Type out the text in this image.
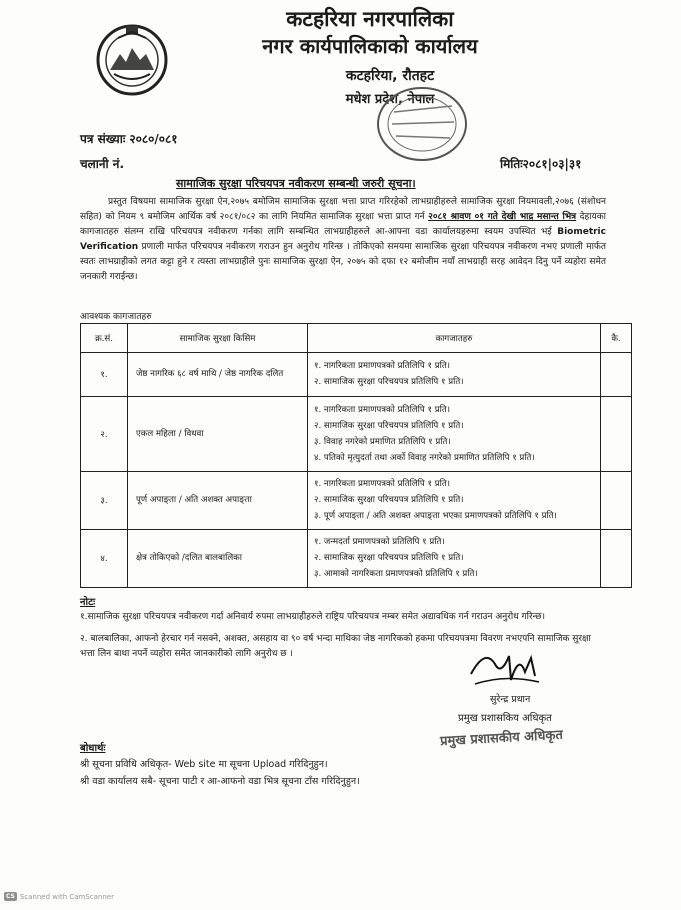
कटहरिया नगरपालिका
नगर कार्यपालिकाको कार्यालय
कटहरिया, रौतहट
मधेश प्रदेश, नेपाल
पत्र संख्याः २०८०/०८१
चलानी नं.	मितिः२०८१|०३|३१
सामाजिक सुरक्षा परिचयपत्र नवीकरण सम्बन्धी जरुरी सूचना।
प्रस्तुत विषयमा सामाजिक सुरक्षा ऐन,२०७५ बमोजिम सामाजिक सुरक्षा भत्ता प्राप्त गरिरहेको लाभग्राहीहरुले सामाजिक सुरक्षा नियमावली,२०७६ (संशोधन सहित) को नियम ९ बमोजिम आर्थिक वर्ष २०८१/०८२ का लागि नियमित सामाजिक सुरक्षा भत्ता प्राप्त गर्न २०८१ श्रावण ०१ गते देखी भाद्र मसान्त भित्र देहायका कागजातहरु संलग्न राखि परिचयपत्र नवीकरण गर्नका लागि सम्बन्धित लाभग्राहीहरुले आ-आफ्ना वडा कार्यालयहरुमा स्वयम उपस्थित भई Biometric Verification प्रणाली मार्फत परिचयपत्र नवीकरण गराउन हुन अनुरोध गरिन्छ । तोकिएको समयमा सामाजिक सुरक्षा परिचयपत्र नवीकरण नभए प्रणाली मार्फत स्वतः लाभग्राहीको लगत कट्टा हुने र त्यस्ता लाभग्राहीले पुनः सामाजिक सुरक्षा ऐन, २०७५ को दफा १२ बमोजीम नयाँ लाभग्राही सरह आवेदन दिनु पर्ने व्यहोरा समेत जनकारी गराईन्छ।
आवश्यक कागजातहरु
क्र.सं.	सामाजिक सुरक्षा किसिम	कागजातहरु	कै.
१.	जेष्ठ नागरिक ६८ वर्ष माथि / जेष्ठ नागरिक दलित	१. नागरिकता प्रमाणपत्रको प्रतिलिपि १ प्रति।
२. सामाजिक सुरक्षा परिचयपत्र प्रतिलिपि १ प्रति।	

२.	एकल महिला / विधवा	१. नागरिकता प्रमाणपत्रको प्रतिलिपि १ प्रति।
२. सामाजिक सुरक्षा परिचयपत्र प्रतिलिपि १ प्रति।
३. विवाह नगरेको प्रमाणित प्रतिलिपि १ प्रति।
४. पतिको मृत्युदर्ता तथा अर्को विवाह नगरेको प्रमाणित प्रतिलिपि १ प्रति।	

३.	पूर्ण अपाङ्ता / अति अशक्त अपाङ्ता	१. नागरिकता प्रमाणपत्रको प्रतिलिपि १ प्रति।
२. सामाजिक सुरक्षा परिचयपत्र प्रतिलिपि १ प्रति।
३. पूर्ण अपाङ्ता / अति अशक्त अपाङ्ता भएका प्रमाणपत्रको प्रतिलिपि १ प्रति।	

४.	क्षेत्र तोकिएको /दलित बालबालिका	१. जन्मदर्ता प्रमाणपत्रको प्रतिलिपि १ प्रति।
२. सामाजिक सुरक्षा परिचयपत्र प्रतिलिपि १ प्रति।
३. आमाको नागरिकता प्रमाणपत्रको प्रतिलिपि १ प्रति।	

नोटः
१.सामाजिक सुरक्षा परिचयपत्र नवीकरण गर्दा अनिवार्य रुपमा लाभग्राहीहरुले राष्ट्रिय परिचयपत्र नम्बर समेत अद्यावधिक गर्न गराउन अनुरोध गरिन्छ।
२. बालबालिका, आफनो हेरचार गर्न नसक्ने, अशक्त, असहाय वा ९० वर्ष भन्दा माथिका जेष्ठ नागरिकको हकमा परिचयपत्रमा विवरण नभएपनि सामाजिक सुरक्षा भत्ता लिन बाधा नपर्ने व्यहोरा समेत जानकारीको लागि अनुरोध छ ।
सुरेन्द्र प्रधान
प्रमुख प्रशासकिय अधिकृत
प्रमुख प्रशासकीय अधिकृत
बोधार्थः
श्री सूचना प्रविधि अधिकृत- Web site मा सूचना Upload गरिदिनुहुन।
श्री वडा कार्यालय सबै- सूचना पाटी र आ-आफनो वडा भित्र सूचना टाँस गरिदिनुहुन।
CS Scanned with CamScanner
